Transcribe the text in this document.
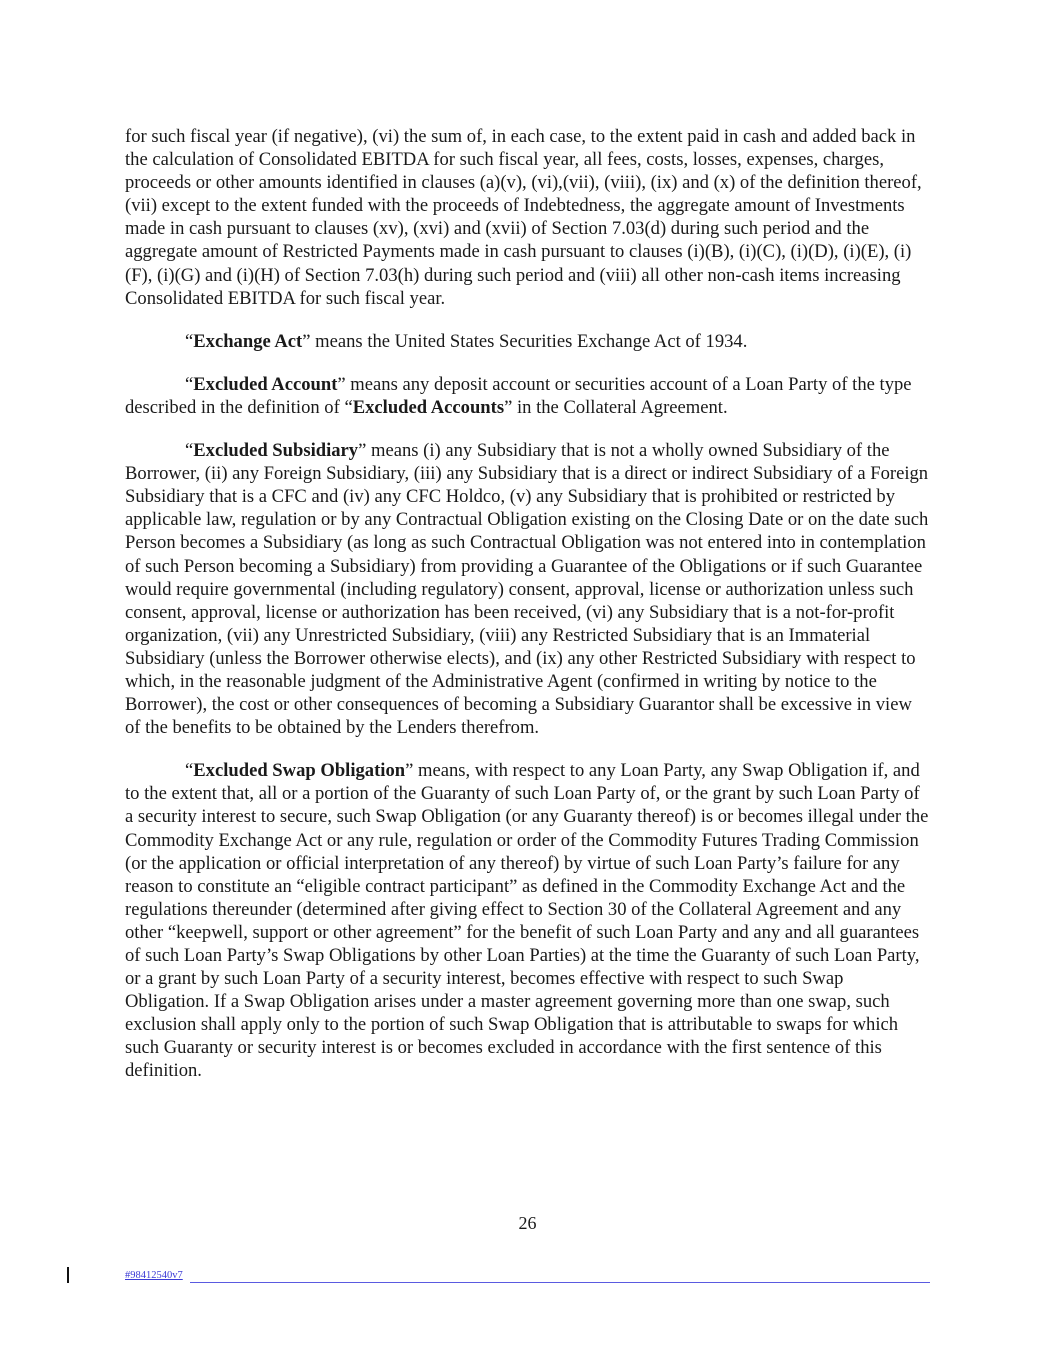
for such fiscal year (if negative), (vi) the sum of, in each case, to the extent paid in cash and added back in the calculation of Consolidated EBITDA for such fiscal year, all fees, costs, losses, expenses, charges, proceeds or other amounts identified in clauses (a)(v), (vi),(vii), (viii), (ix) and (x) of the definition thereof, (vii) except to the extent funded with the proceeds of Indebtedness, the aggregate amount of Investments made in cash pursuant to clauses (xv), (xvi) and (xvii) of Section 7.03(d) during such period and the aggregate amount of Restricted Payments made in cash pursuant to clauses (i)(B), (i)(C), (i)(D), (i)(E), (i)(F), (i)(G) and (i)(H) of Section 7.03(h) during such period and (viii) all other non-cash items increasing Consolidated EBITDA for such fiscal year.

“Exchange Act” means the United States Securities Exchange Act of 1934.

“Excluded Account” means any deposit account or securities account of a Loan Party of the type described in the definition of “Excluded Accounts” in the Collateral Agreement.

“Excluded Subsidiary” means (i) any Subsidiary that is not a wholly owned Subsidiary of the Borrower, (ii) any Foreign Subsidiary, (iii) any Subsidiary that is a direct or indirect Subsidiary of a Foreign Subsidiary that is a CFC and (iv) any CFC Holdco, (v) any Subsidiary that is prohibited or restricted by applicable law, regulation or by any Contractual Obligation existing on the Closing Date or on the date such Person becomes a Subsidiary (as long as such Contractual Obligation was not entered into in contemplation of such Person becoming a Subsidiary) from providing a Guarantee of the Obligations or if such Guarantee would require governmental (including regulatory) consent, approval, license or authorization unless such consent, approval, license or authorization has been received, (vi) any Subsidiary that is a not-for-profit organization, (vii) any Unrestricted Subsidiary, (viii) any Restricted Subsidiary that is an Immaterial Subsidiary (unless the Borrower otherwise elects), and (ix) any other Restricted Subsidiary with respect to which, in the reasonable judgment of the Administrative Agent (confirmed in writing by notice to the Borrower), the cost or other consequences of becoming a Subsidiary Guarantor shall be excessive in view of the benefits to be obtained by the Lenders therefrom.

“Excluded Swap Obligation” means, with respect to any Loan Party, any Swap Obligation if, and to the extent that, all or a portion of the Guaranty of such Loan Party of, or the grant by such Loan Party of a security interest to secure, such Swap Obligation (or any Guaranty thereof) is or becomes illegal under the Commodity Exchange Act or any rule, regulation or order of the Commodity Futures Trading Commission (or the application or official interpretation of any thereof) by virtue of such Loan Party’s failure for any reason to constitute an “eligible contract participant” as defined in the Commodity Exchange Act and the regulations thereunder (determined after giving effect to Section 30 of the Collateral Agreement and any other “keepwell, support or other agreement” for the benefit of such Loan Party and any and all guarantees of such Loan Party’s Swap Obligations by other Loan Parties) at the time the Guaranty of such Loan Party, or a grant by such Loan Party of a security interest, becomes effective with respect to such Swap Obligation. If a Swap Obligation arises under a master agreement governing more than one swap, such exclusion shall apply only to the portion of such Swap Obligation that is attributable to swaps for which such Guaranty or security interest is or becomes excluded in accordance with the first sentence of this definition.

26
#98412540v7
